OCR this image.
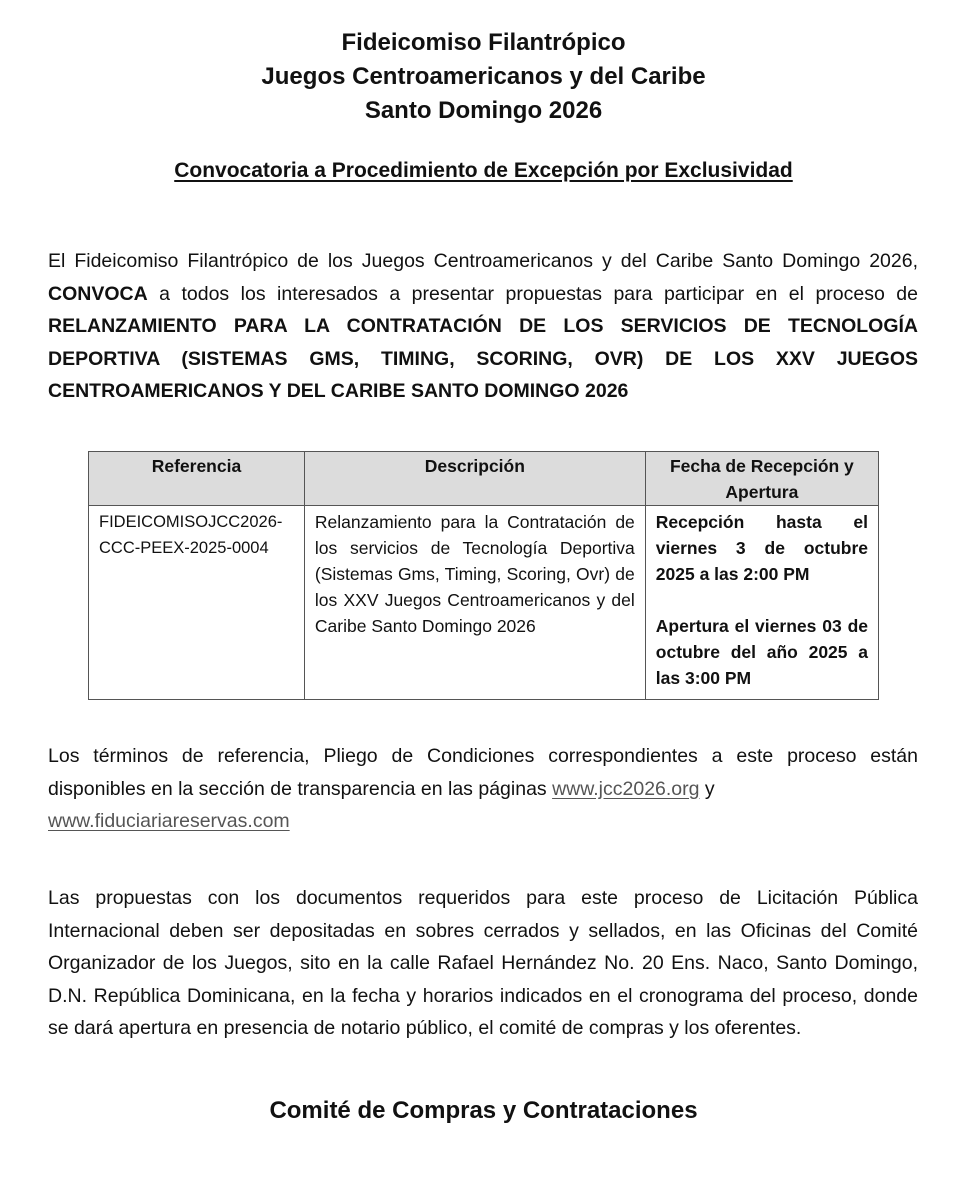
Fideicomiso Filantrópico
Juegos Centroamericanos y del Caribe
Santo Domingo 2026
Convocatoria a Procedimiento de Excepción por Exclusividad
El Fideicomiso Filantrópico de los Juegos Centroamericanos y del Caribe Santo Domingo 2026, CONVOCA a todos los interesados a presentar propuestas para participar en el proceso de RELANZAMIENTO PARA LA CONTRATACIÓN DE LOS SERVICIOS DE TECNOLOGÍA DEPORTIVA (SISTEMAS GMS, TIMING, SCORING, OVR) DE LOS XXV JUEGOS CENTROAMERICANOS Y DEL CARIBE SANTO DOMINGO 2026
Referencia	Descripción	Fecha de Recepción y Apertura
FIDEICOMISOJCC2026-CCC-PEEX-2025-0004	Relanzamiento para la Contratación de los servicios de Tecnología Deportiva (Sistemas Gms, Timing, Scoring, Ovr) de los XXV Juegos Centroamericanos y del Caribe Santo Domingo 2026	Recepción hasta el viernes 3 de octubre 2025 a las 2:00 PM
Apertura el viernes 03 de octubre del año 2025 a las 3:00 PM
Los términos de referencia, Pliego de Condiciones correspondientes a este proceso están disponibles en la sección de transparencia en las páginas www.jcc2026.org y
www.fiduciariareservas.com
Las propuestas con los documentos requeridos para este proceso de Licitación Pública Internacional deben ser depositadas en sobres cerrados y sellados, en las Oficinas del Comité Organizador de los Juegos, sito en la calle Rafael Hernández No. 20 Ens. Naco, Santo Domingo, D.N. República Dominicana, en la fecha y horarios indicados en el cronograma del proceso, donde se dará apertura en presencia de notario público, el comité de compras y los oferentes.
Comité de Compras y Contrataciones
